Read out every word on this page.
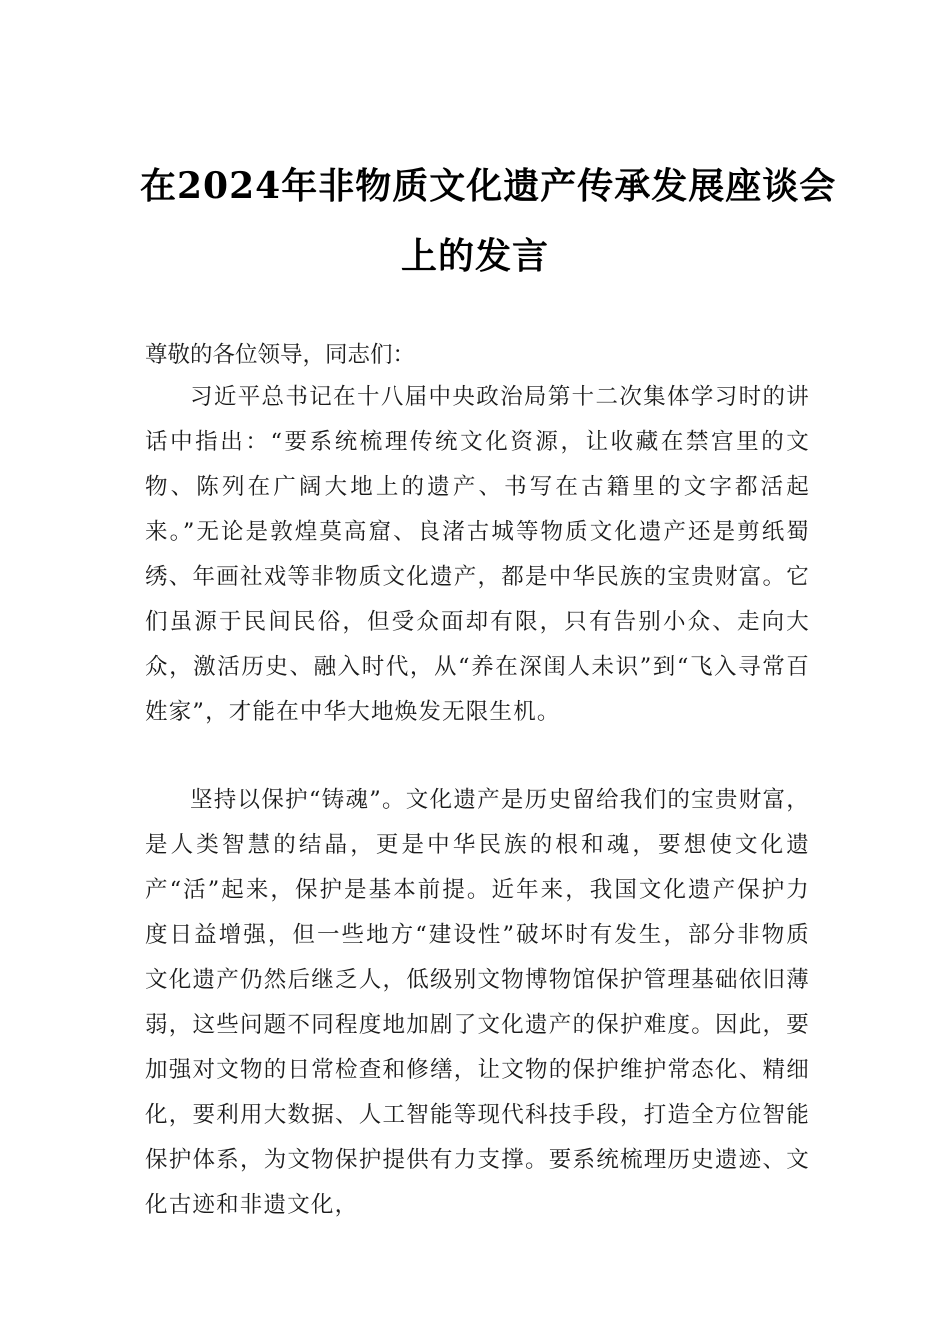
在2024年非物质文化遗产传承发展座谈会
上的发言
尊敬的各位领导，同志们：

习近平总书记在十八届中央政治局第十二次集体学习时的讲话中指出：“要系统梳理传统文化资源，让收藏在禁宫里的文物、陈列在广阔大地上的遗产、书写在古籍里的文字都活起来。”无论是敦煌莫高窟、良渚古城等物质文化遗产还是剪纸蜀绣、年画社戏等非物质文化遗产，都是中华民族的宝贵财富。它们虽源于民间民俗，但受众面却有限，只有告别小众、走向大众，激活历史、融入时代，从“养在深闺人未识”到“飞入寻常百姓家”，才能在中华大地焕发无限生机。

坚持以保护“铸魂”。文化遗产是历史留给我们的宝贵财富，是人类智慧的结晶，更是中华民族的根和魂，要想使文化遗产“活”起来，保护是基本前提。近年来，我国文化遗产保护力度日益增强，但一些地方“建设性”破坏时有发生，部分非物质文化遗产仍然后继乏人，低级别文物博物馆保护管理基础依旧薄弱，这些问题不同程度地加剧了文化遗产的保护难度。因此，要加强对文物的日常检查和修缮，让文物的保护维护常态化、精细化，要利用大数据、人工智能等现代科技手段，打造全方位智能保护体系，为文物保护提供有力支撑。要系统梳理历史遗迹、文化古迹和非遗文化，
